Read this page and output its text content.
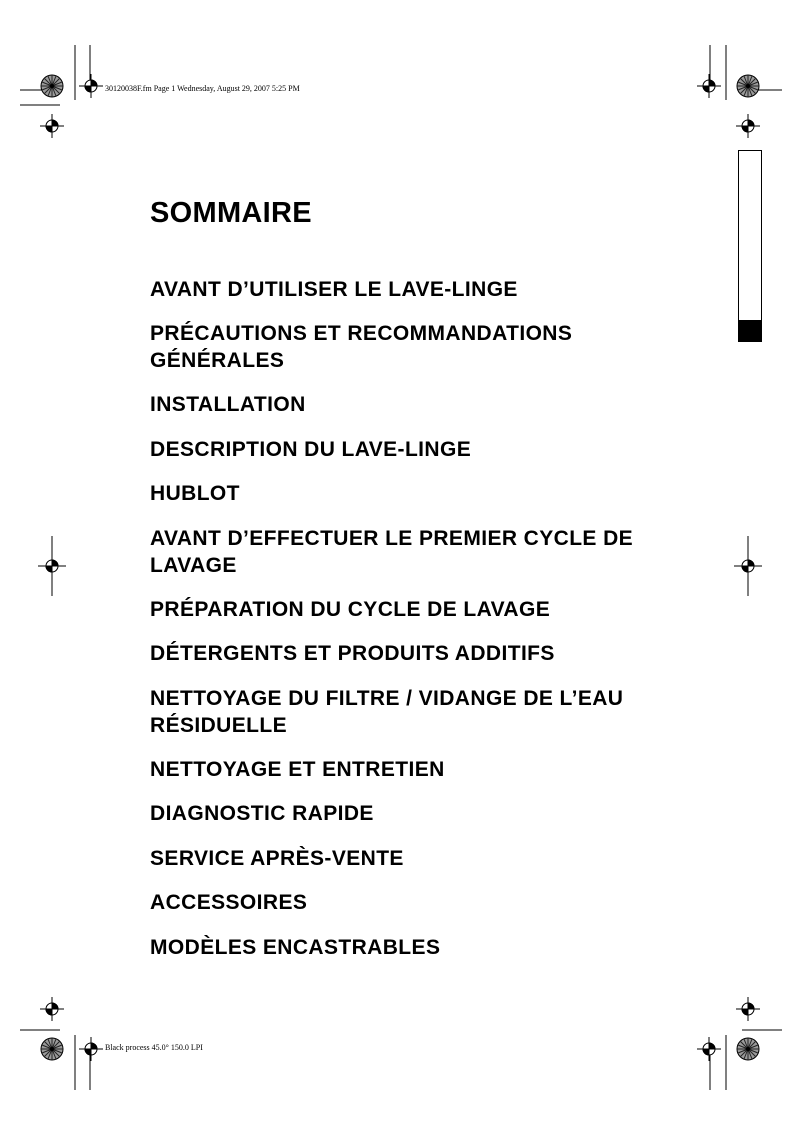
30120038F.fm Page 1 Wednesday, August 29, 2007 5:25 PM
Black process 45.0° 150.0 LPI
SOMMAIRE
AVANT D’UTILISER LE LAVE-LINGE
PRÉCAUTIONS ET RECOMMANDATIONS GÉNÉRALES
INSTALLATION
DESCRIPTION DU LAVE-LINGE
HUBLOT
AVANT D’EFFECTUER LE PREMIER CYCLE DE LAVAGE
PRÉPARATION DU CYCLE DE LAVAGE
DÉTERGENTS ET PRODUITS ADDITIFS
NETTOYAGE DU FILTRE / VIDANGE DE L’EAU RÉSIDUELLE
NETTOYAGE ET ENTRETIEN
DIAGNOSTIC RAPIDE
SERVICE APRÈS-VENTE
ACCESSOIRES
MODÈLES ENCASTRABLES
